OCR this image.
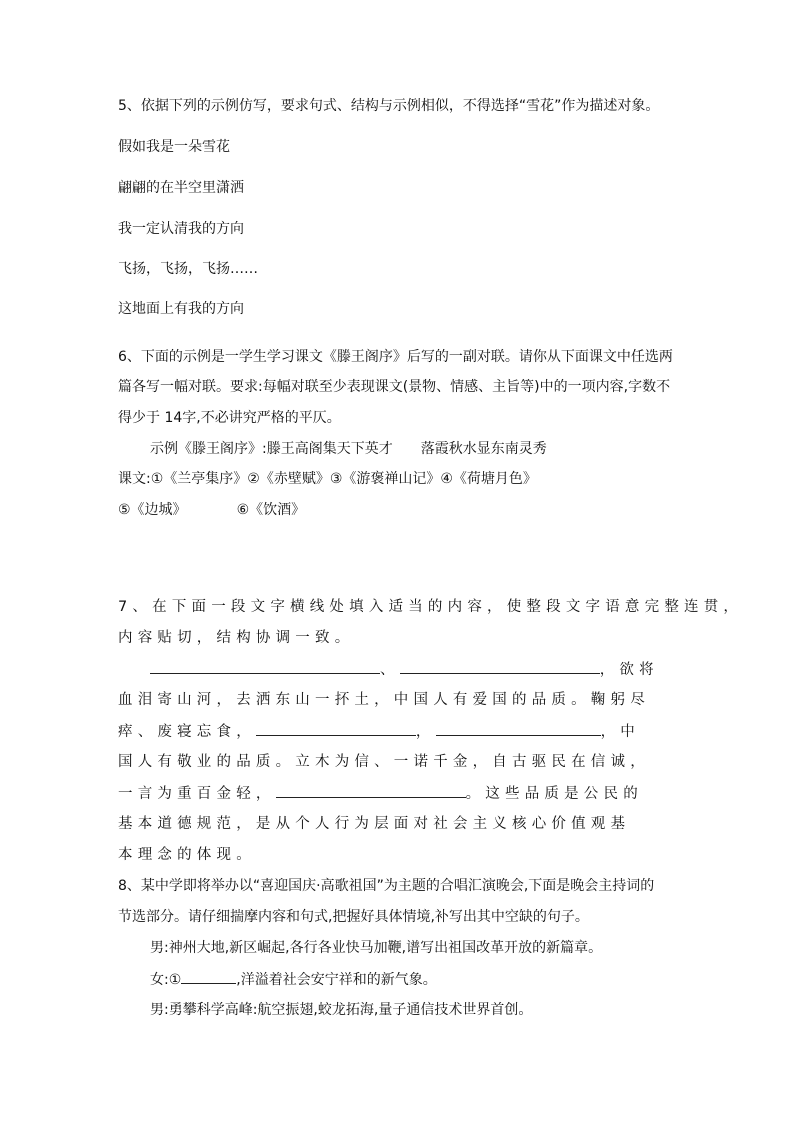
5、依据下列的示例仿写，要求句式、结构与示例相似，不得选择“雪花”作为描述对象。
假如我是一朵雪花
翩翩的在半空里潇洒
我一定认清我的方向
飞扬，飞扬，飞扬……
这地面上有我的方向
6、下面的示例是一学生学习课文《滕王阁序》后写的一副对联。请你从下面课文中任选两
篇各写一幅对联。要求:每幅对联至少表现课文(景物、情感、主旨等)中的一项内容,字数不
得少于 14字,不必讲究严格的平仄。
示例《滕王阁序》:滕王高阁集天下英才 落霞秋水显东南灵秀
课文:①《兰亭集序》②《赤壁赋》③《游褒禅山记》④《荷塘月色》
⑤《边城》	⑥《饮酒》
7、在下面一段文字横线处填入适当的内容，使整段文字语意完整连贯，
内容贴切，结构协调一致。
、	，欲将
血泪寄山河，去洒东山一抔土，中国人有爱国的品质。鞠躬尽
瘁、废寝忘食，	，	，中
国人有敬业的品质。立木为信、一诺千金，自古驱民在信诚，
一言为重百金轻，	。这些品质是公民的
基本道德规范，是从个人行为层面对社会主义核心价值观基
本理念的体现。
8、某中学即将举办以“喜迎国庆·高歌祖国”为主题的合唱汇演晚会,下面是晚会主持词的
节选部分。请仔细揣摩内容和句式,把握好具体情境,补写出其中空缺的句子。
男:神州大地,新区崛起,各行各业快马加鞭,谱写出祖国改革开放的新篇章。
女:①	,洋溢着社会安宁祥和的新气象。
男:勇攀科学高峰:航空振翅,蛟龙拓海,量子通信技术世界首创。
